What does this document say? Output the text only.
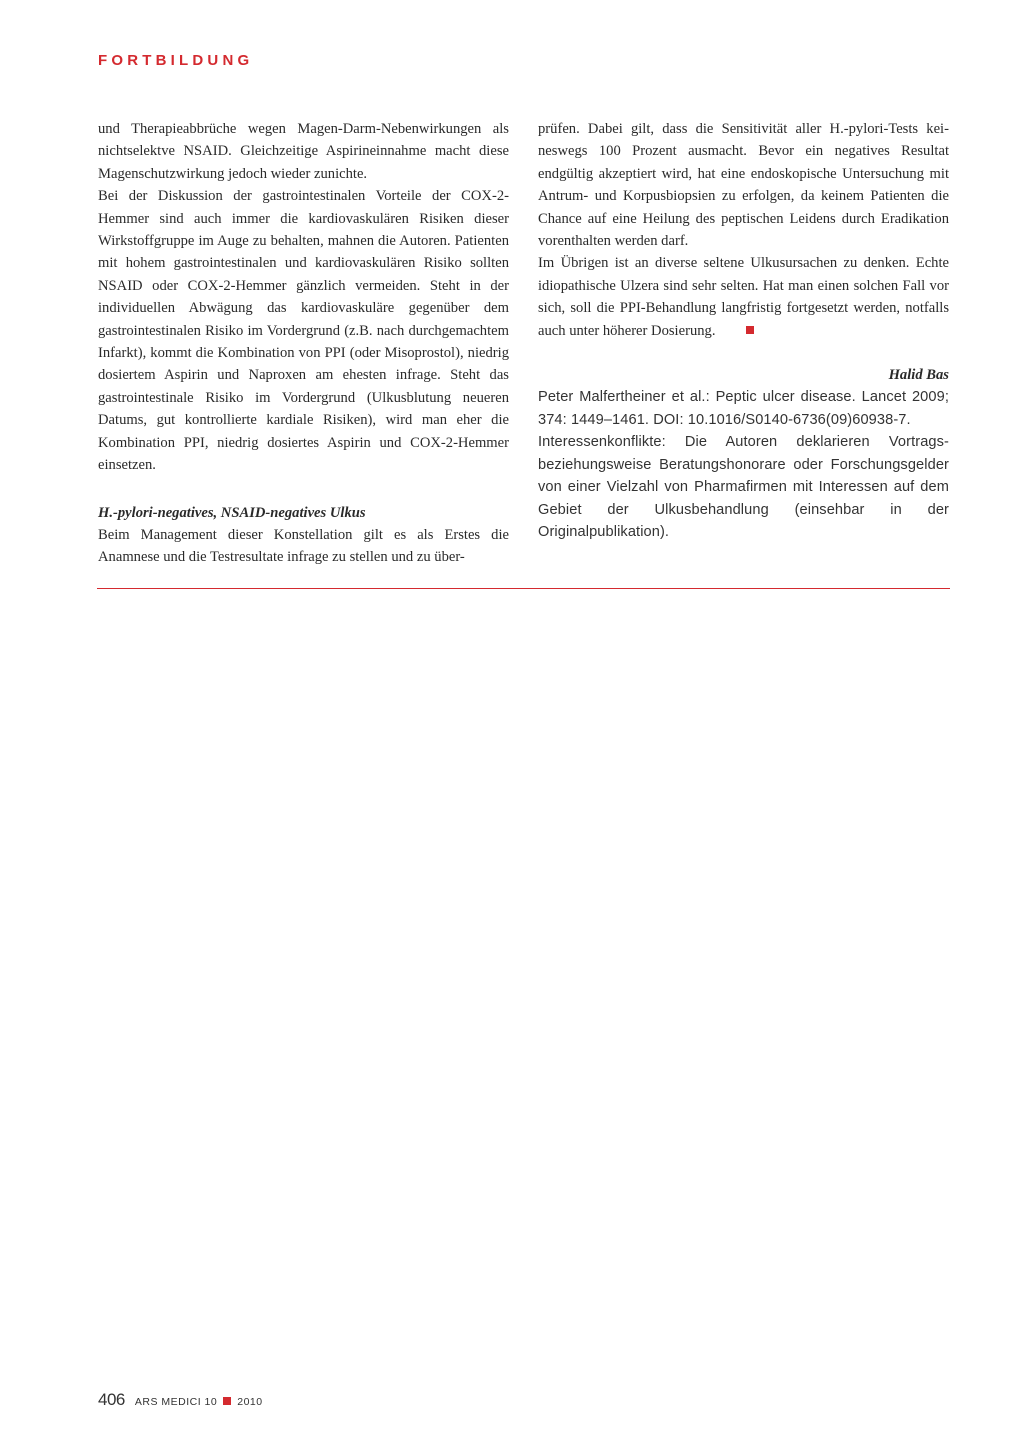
FORTBILDUNG

und Therapieabbrüche wegen Magen-Darm-Nebenwirkungen als nichtselektve NSAID. Gleichzeitige Aspirineinnahme macht diese Magenschutzwirkung jedoch wieder zunichte.

Bei der Diskussion der gastrointestinalen Vorteile der COX-2-Hemmer sind auch immer die kardiovaskulären Risiken dieser Wirkstoffgruppe im Auge zu behalten, mahnen die Autoren. Patienten mit hohem gastrointestinalen und kardiovaskulären Risiko sollten NSAID oder COX-2-Hemmer gänzlich vermeiden. Steht in der individuellen Abwägung das kardiovaskuläre gegenüber dem gastrointestinalen Risiko im Vordergrund (z.B. nach durchgemachtem Infarkt), kommt die Kombination von PPI (oder Misoprostol), niedrig dosiertem Aspirin und Naproxen am ehesten infrage. Steht das gastrointestinale Risiko im Vordergrund (Ulkusblutung neueren Datums, gut kontrollierte kardiale Risiken), wird man eher die Kombination PPI, niedrig dosiertes Aspirin und COX-2-Hemmer einsetzen.

H.-pylori-negatives, NSAID-negatives Ulkus

Beim Management dieser Konstellation gilt es als Erstes die Anamnese und die Testresultate infrage zu stellen und zu über-

prüfen. Dabei gilt, dass die Sensitivität aller H.-pylori-Tests keineswegs 100 Prozent ausmacht. Bevor ein negatives Resultat endgültig akzeptiert wird, hat eine endoskopische Untersuchung mit Antrum- und Korpusbiopsien zu erfolgen, da keinem Patienten die Chance auf eine Heilung des peptischen Leidens durch Eradikation vorenthalten werden darf.

Im Übrigen ist an diverse seltene Ulkusursachen zu denken. Echte idiopathische Ulzera sind sehr selten. Hat man einen solchen Fall vor sich, soll die PPI-Behandlung langfristig fortgesetzt werden, notfalls auch unter höherer Dosierung.

Halid Bas

Peter Malfertheiner et al.: Peptic ulcer disease. Lancet 2009; 374: 1449–1461. DOI: 10.1016/S0140-6736(09)60938-7.

Interessenkonflikte: Die Autoren deklarieren Vortrags- beziehungsweise Beratungshonorare oder Forschungsgelder von einer Vielzahl von Pharmafirmen mit Interessen auf dem Gebiet der Ulkusbehandlung (einsehbar in der Originalpublikation).

406 ARS MEDICI 10 2010
